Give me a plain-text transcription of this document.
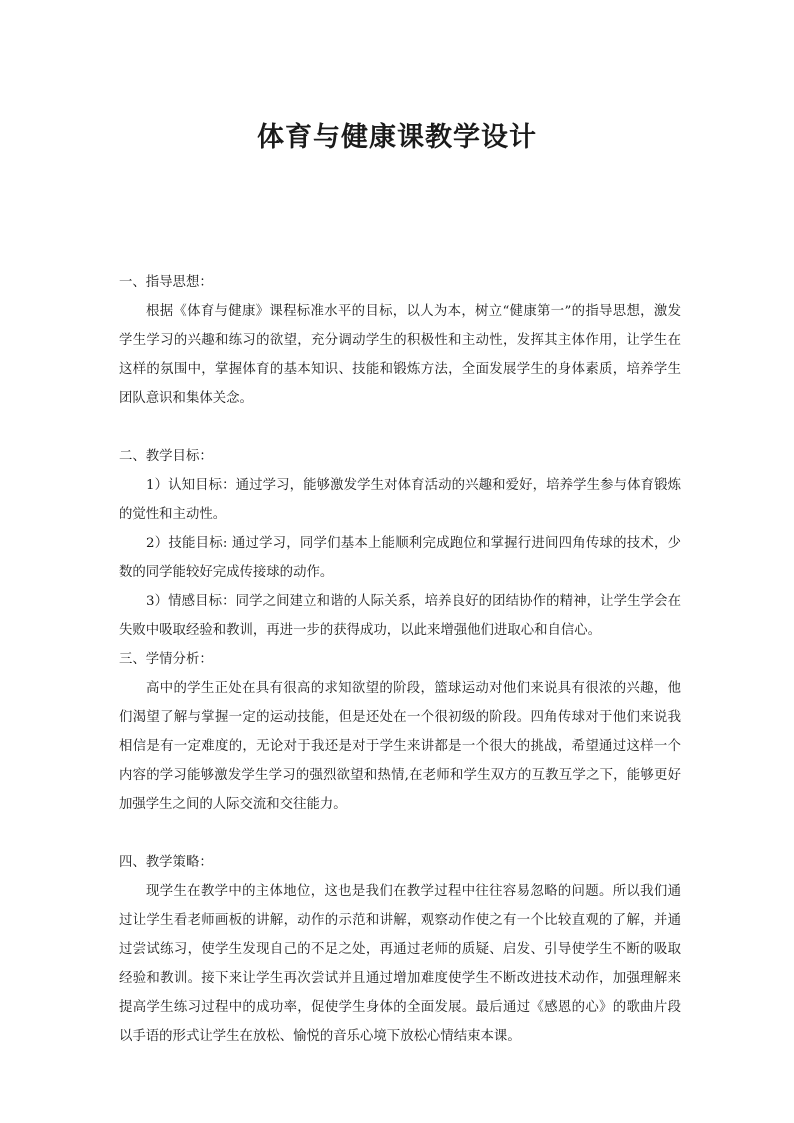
体育与健康课教学设计

一、指导思想：

根据《体育与健康》课程标准水平的目标，以人为本，树立“健康第一”的指导思想，激发学生学习的兴趣和练习的欲望，充分调动学生的积极性和主动性，发挥其主体作用，让学生在这样的氛围中，掌握体育的基本知识、技能和锻炼方法，全面发展学生的身体素质，培养学生团队意识和集体关念。

二、教学目标：

1）认知目标：通过学习，能够激发学生对体育活动的兴趣和爱好，培养学生参与体育锻炼的觉性和主动性。

2）技能目标: 通过学习，同学们基本上能顺利完成跑位和掌握行进间四角传球的技术，少数的同学能较好完成传接球的动作。

3）情感目标：同学之间建立和谐的人际关系，培养良好的团结协作的精神，让学生学会在失败中吸取经验和教训，再进一步的获得成功，以此来增强他们进取心和自信心。

三、学情分析：

高中的学生正处在具有很高的求知欲望的阶段，篮球运动对他们来说具有很浓的兴趣，他们渴望了解与掌握一定的运动技能，但是还处在一个很初级的阶段。四角传球对于他们来说我相信是有一定难度的，无论对于我还是对于学生来讲都是一个很大的挑战，希望通过这样一个内容的学习能够激发学生学习的强烈欲望和热情,在老师和学生双方的互教互学之下，能够更好加强学生之间的人际交流和交往能力。

四、教学策略：

现学生在教学中的主体地位，这也是我们在教学过程中往往容易忽略的问题。所以我们通过让学生看老师画板的讲解，动作的示范和讲解，观察动作使之有一个比较直观的了解，并通过尝试练习，使学生发现自己的不足之处，再通过老师的质疑、启发、引导使学生不断的吸取经验和教训。接下来让学生再次尝试并且通过增加难度使学生不断改进技术动作，加强理解来提高学生练习过程中的成功率，促使学生身体的全面发展。最后通过《感恩的心》的歌曲片段以手语的形式让学生在放松、愉悦的音乐心境下放松心情结束本课。
